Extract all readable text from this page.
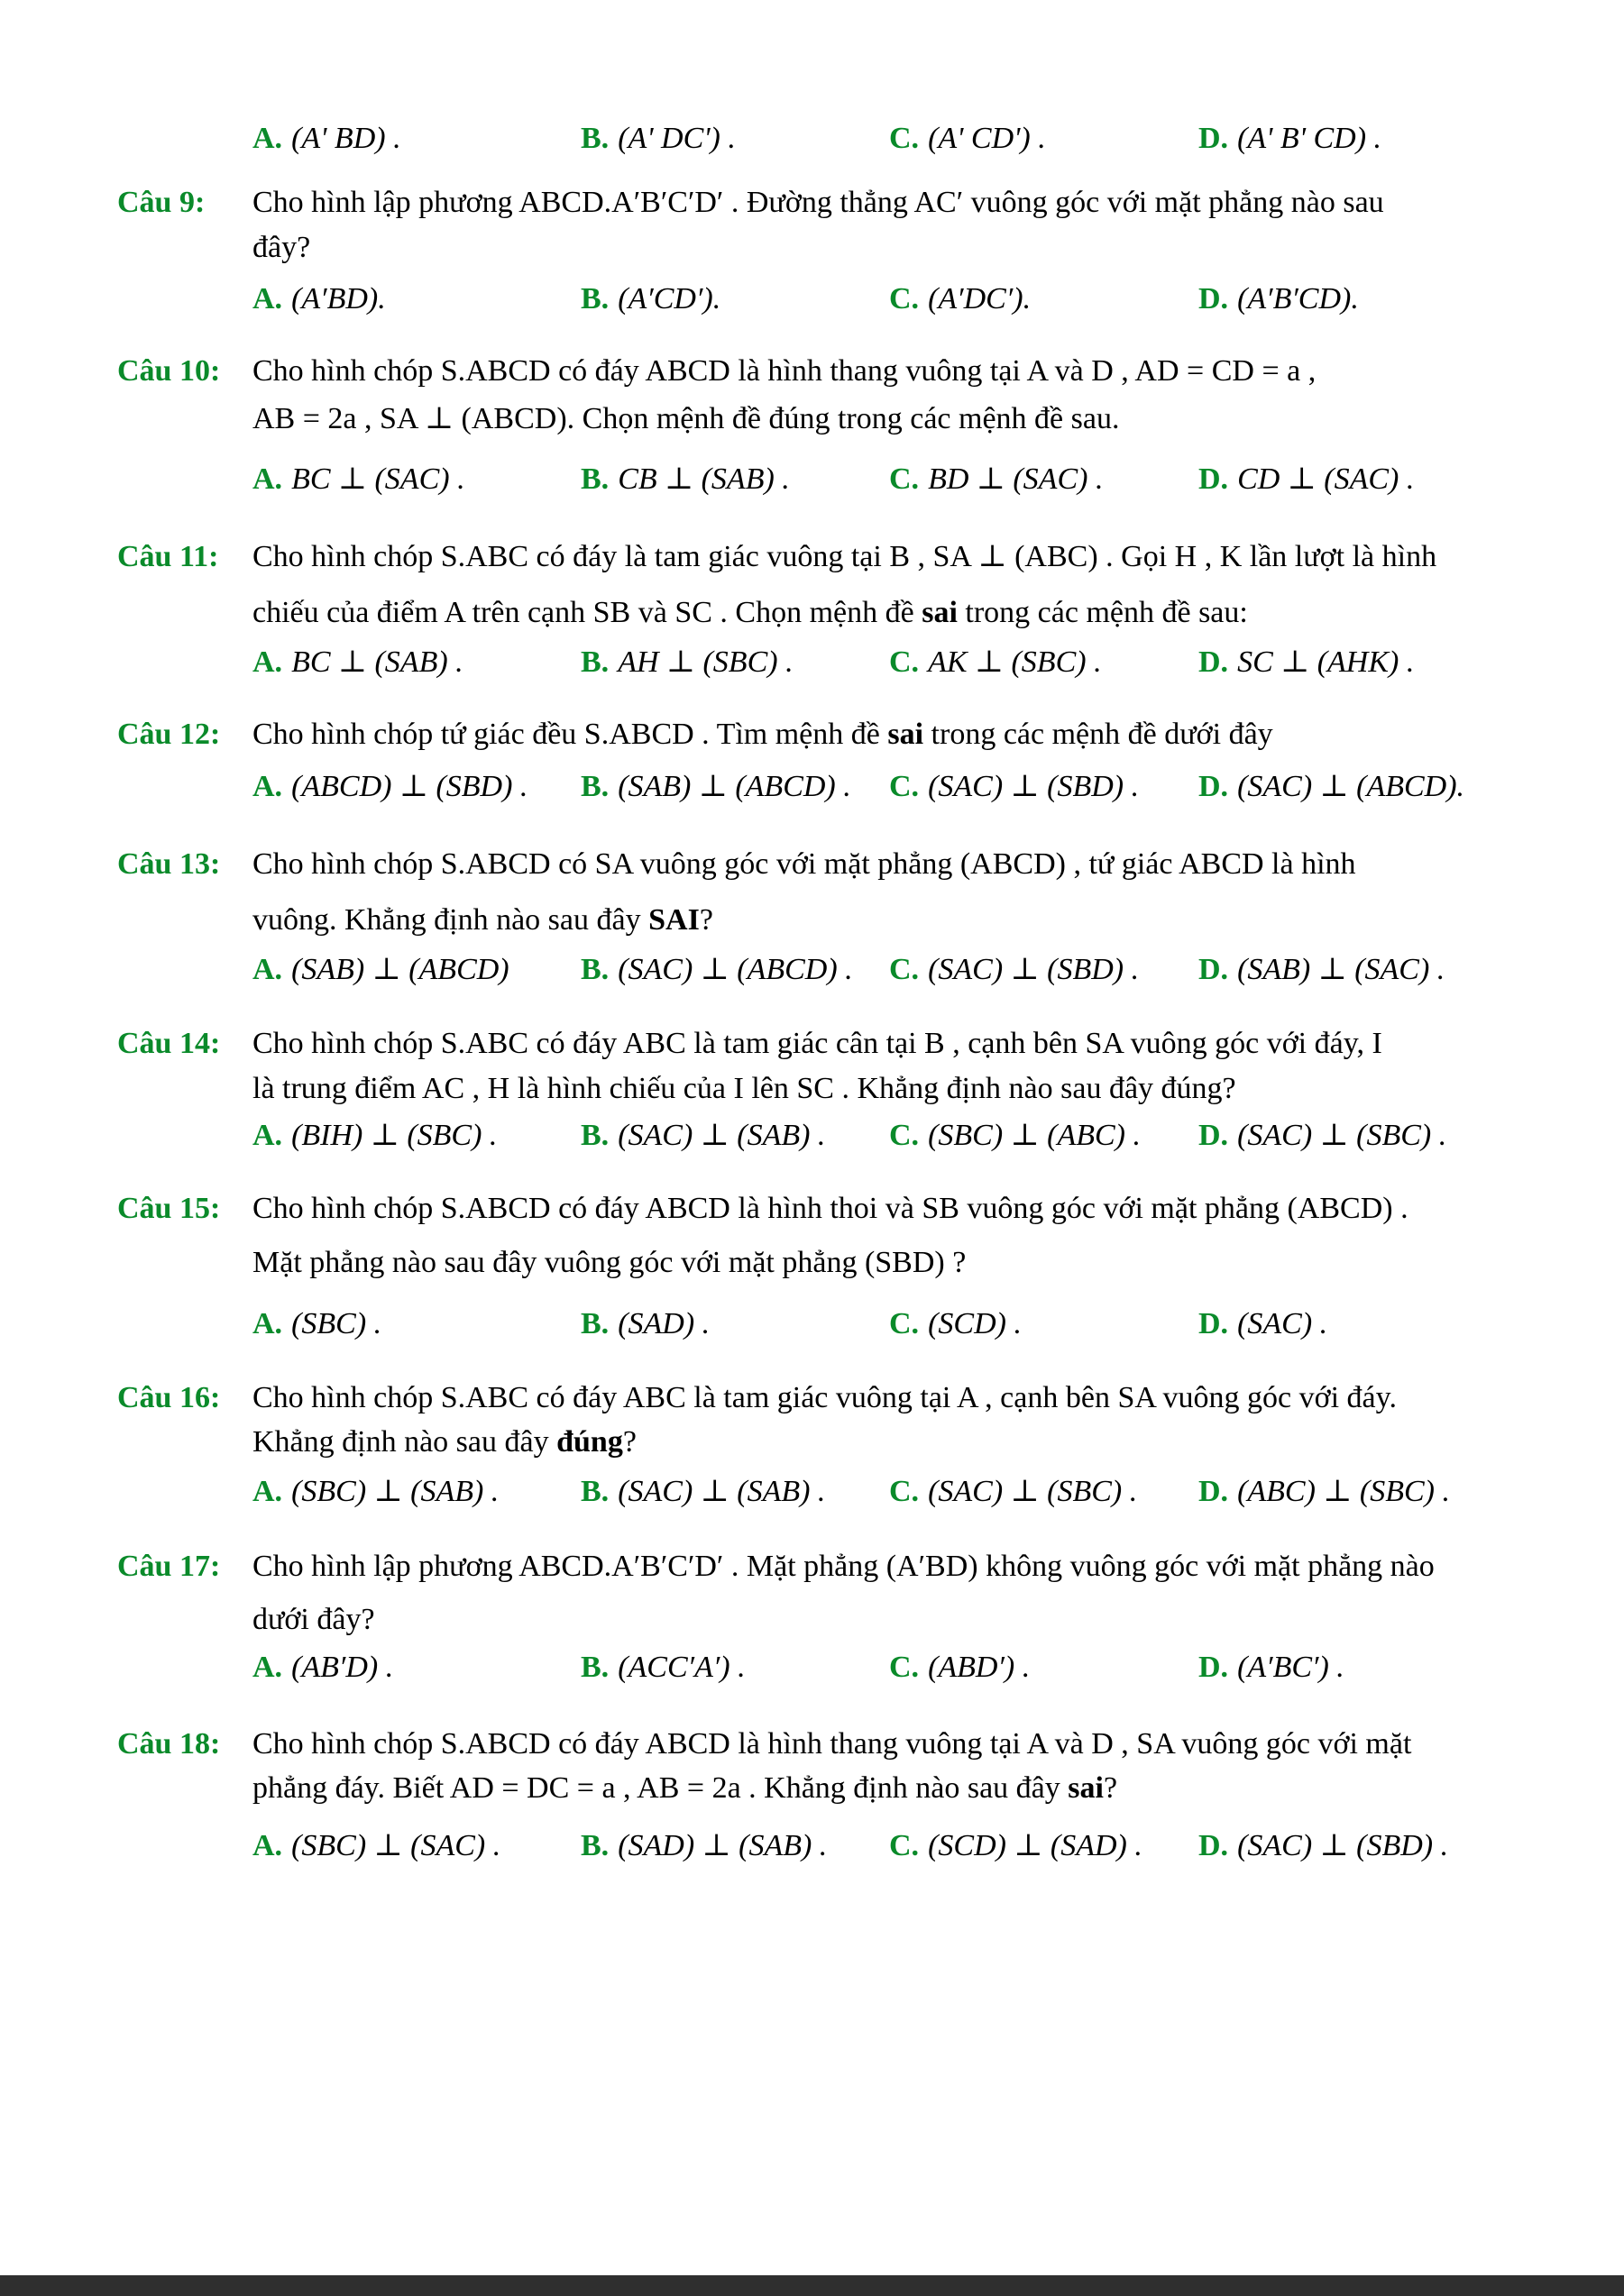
A. (A' BD) .	B. (A' DC') .	C. (A' CD') .	D. (A' B' CD) .
Câu 9: Cho hình lập phương ABCD.A′B′C′D′ . Đường thẳng AC′ vuông góc với mặt phẳng nào sau
đây?
A. (A′BD).	B. (A′CD′).	C. (A′DC′).	D. (A′B′CD).
Câu 10: Cho hình chóp S.ABCD có đáy ABCD là hình thang vuông tại A và D , AD = CD = a ,
AB = 2a , SA ⊥ (ABCD). Chọn mệnh đề đúng trong các mệnh đề sau.
A. BC ⊥ (SAC) .	B. CB ⊥ (SAB) .	C. BD ⊥ (SAC) .	D. CD ⊥ (SAC) .
Câu 11: Cho hình chóp S.ABC có đáy là tam giác vuông tại B , SA ⊥ (ABC) . Gọi H , K lần lượt là hình
chiếu của điểm A trên cạnh SB và SC . Chọn mệnh đề sai trong các mệnh đề sau:
A. BC ⊥ (SAB) .	B. AH ⊥ (SBC) .	C. AK ⊥ (SBC) .	D. SC ⊥ (AHK) .
Câu 12: Cho hình chóp tứ giác đều S.ABCD . Tìm mệnh đề sai trong các mệnh đề dưới đây
A. (ABCD) ⊥ (SBD) . B. (SAB) ⊥ (ABCD) . C. (SAC) ⊥ (SBD) . D. (SAC) ⊥ (ABCD).
Câu 13: Cho hình chóp S.ABCD có SA vuông góc với mặt phẳng (ABCD) , tứ giác ABCD là hình
vuông. Khẳng định nào sau đây SAI?
A. (SAB) ⊥ (ABCD) B. (SAC) ⊥ (ABCD) . C. (SAC) ⊥ (SBD) . D. (SAB) ⊥ (SAC) .
Câu 14: Cho hình chóp S.ABC có đáy ABC là tam giác cân tại B , cạnh bên SA vuông góc với đáy, I
là trung điểm AC , H là hình chiếu của I lên SC . Khẳng định nào sau đây đúng?
A. (BIH) ⊥ (SBC) .	B. (SAC) ⊥ (SAB) . C. (SBC) ⊥ (ABC) . D. (SAC) ⊥ (SBC) .
Câu 15: Cho hình chóp S.ABCD có đáy ABCD là hình thoi và SB vuông góc với mặt phẳng (ABCD) .
Mặt phẳng nào sau đây vuông góc với mặt phẳng (SBD) ?
A. (SBC) .	B. (SAD) .	C. (SCD) .	D. (SAC) .
Câu 16: Cho hình chóp S.ABC có đáy ABC là tam giác vuông tại A , cạnh bên SA vuông góc với đáy.
Khẳng định nào sau đây đúng?
A. (SBC) ⊥ (SAB) .	B. (SAC) ⊥ (SAB) . C. (SAC) ⊥ (SBC) . D. (ABC) ⊥ (SBC) .
Câu 17: Cho hình lập phương ABCD.A′B′C′D′ . Mặt phẳng (A′BD) không vuông góc với mặt phẳng nào
dưới đây?
A. (AB′D) .	B. (ACC′A′) .	C. (ABD′) .	D. (A′BC′) .
Câu 18: Cho hình chóp S.ABCD có đáy ABCD là hình thang vuông tại A và D , SA vuông góc với mặt
phẳng đáy. Biết AD = DC = a , AB = 2a . Khẳng định nào sau đây sai?
A. (SBC) ⊥ (SAC) .	B. (SAD) ⊥ (SAB) . C. (SCD) ⊥ (SAD) . D. (SAC) ⊥ (SBD) .
